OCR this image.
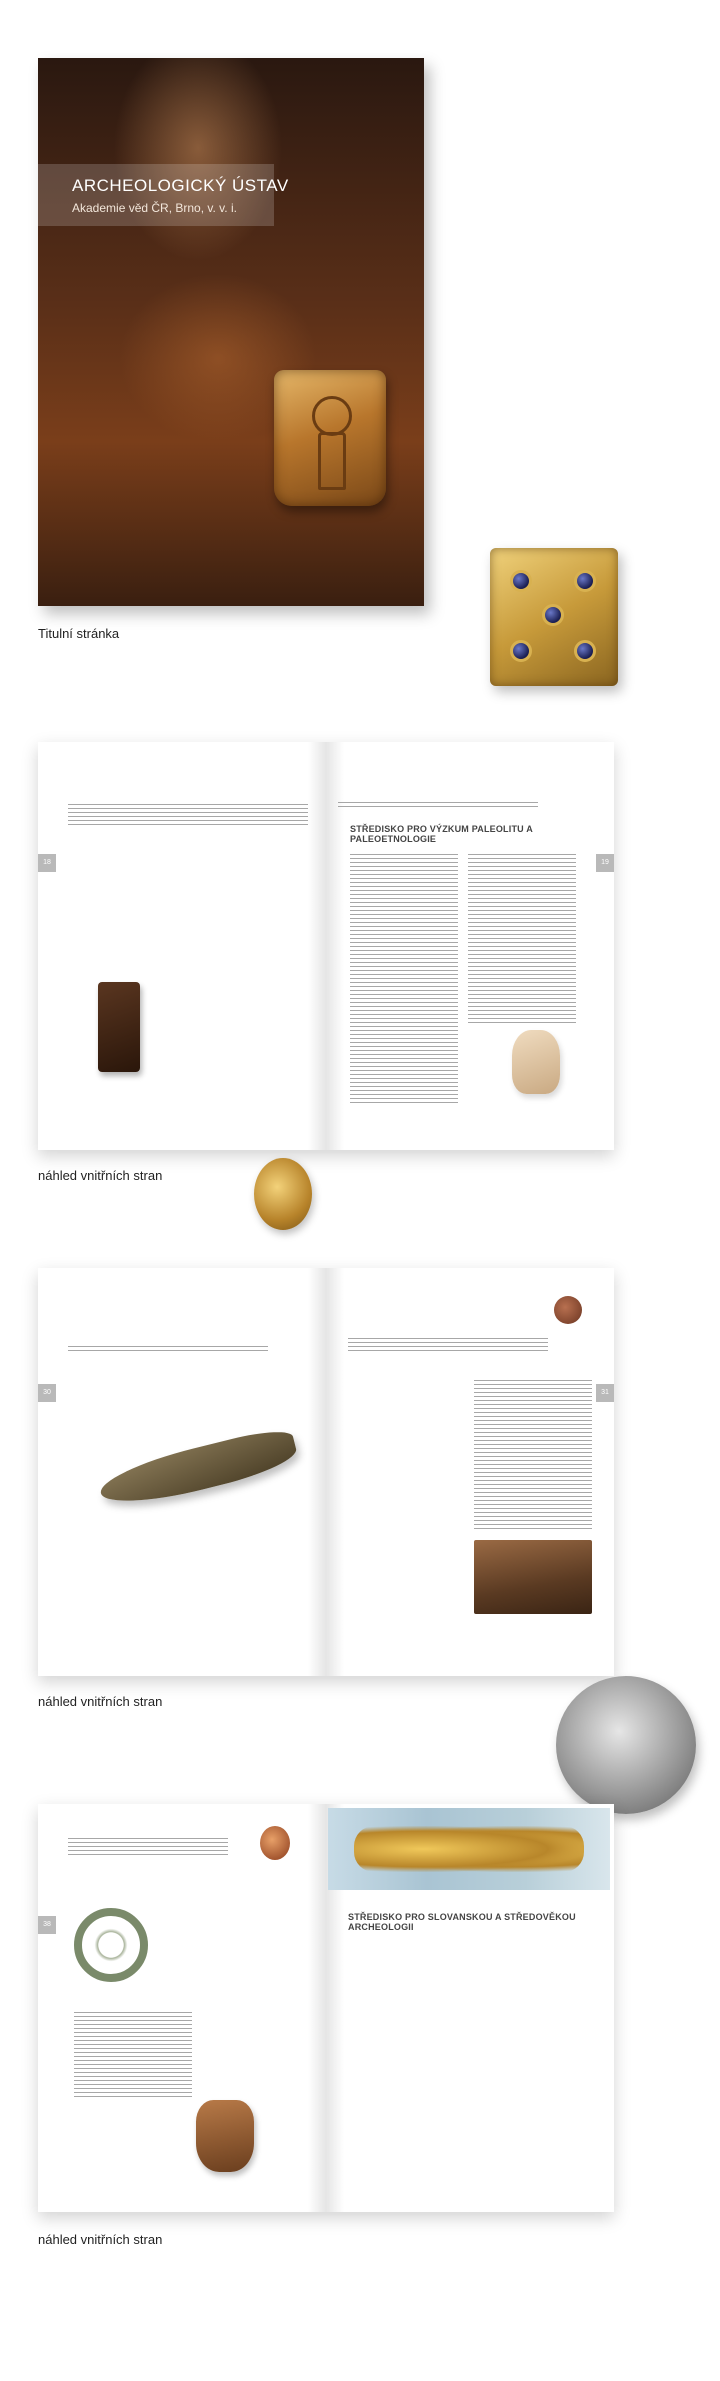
ARCHEOLOGICKÝ ÚSTAV
Akademie věd ČR, Brno, v. v. i.
Titulní stránka
18
STŘEDISKO PRO VÝZKUM PALEOLITU A PALEOETNOLOGIE
19
náhled vnitřních stran
30	31
náhled vnitřních stran
38
STŘEDISKO PRO SLOVANSKOU A STŘEDOVĚKOU ARCHEOLOGII
náhled vnitřních stran
